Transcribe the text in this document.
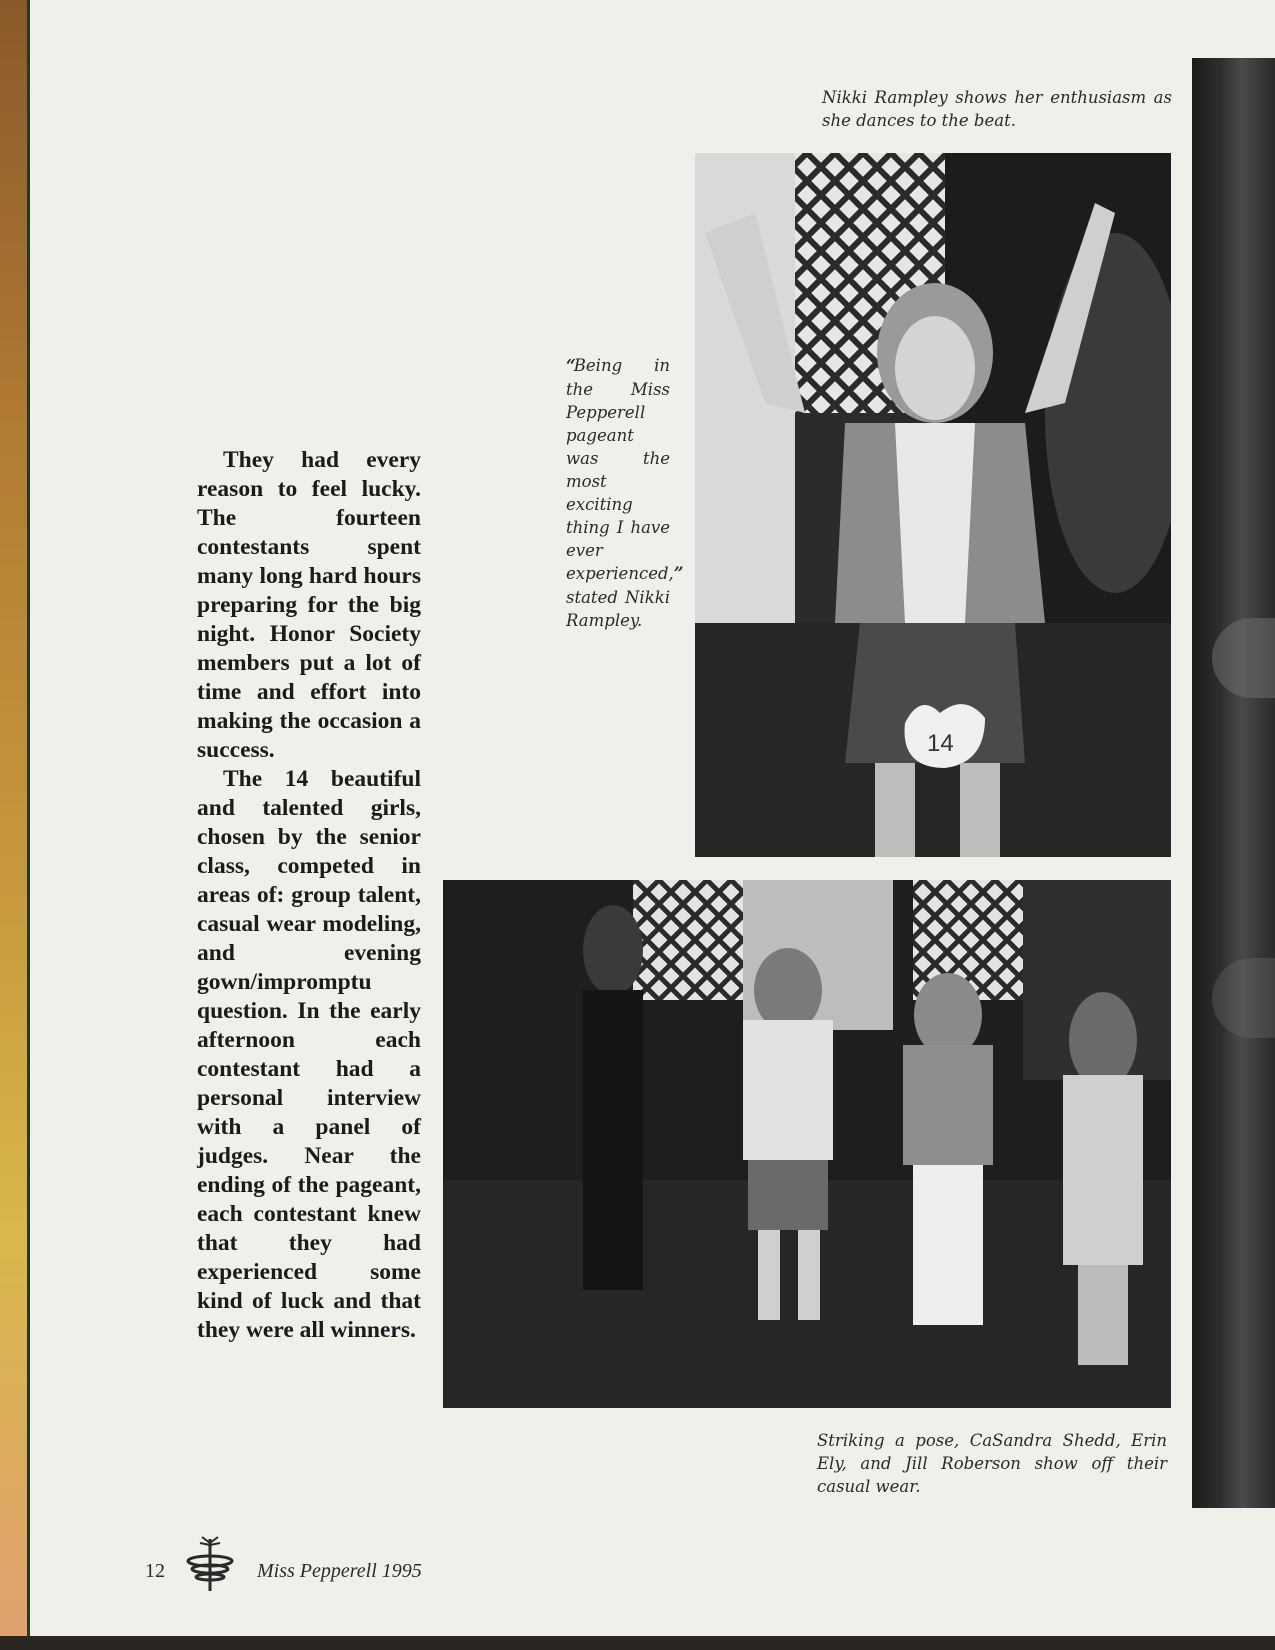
Nikki Rampley shows her enthusiasm as she dances to the beat.
14
“Being in the Miss Pepperell pageant was the most exciting thing I have ever experienced,” stated Nikki Rampley.

They had every reason to feel lucky. The fourteen contestants spent many long hard hours preparing for the big night. Honor Society members put a lot of time and effort into making the occasion a success.

The 14 beautiful and talented girls, chosen by the senior class, competed in areas of: group talent, casual wear modeling, and evening gown/impromptu question. In the early afternoon each contestant had a personal interview with a panel of judges. Near the ending of the pageant, each contestant knew that they had experienced some kind of luck and that they were all winners.

Striking a pose, CaSandra Shedd, Erin Ely, and Jill Roberson show off their casual wear.
12	Miss Pepperell 1995
